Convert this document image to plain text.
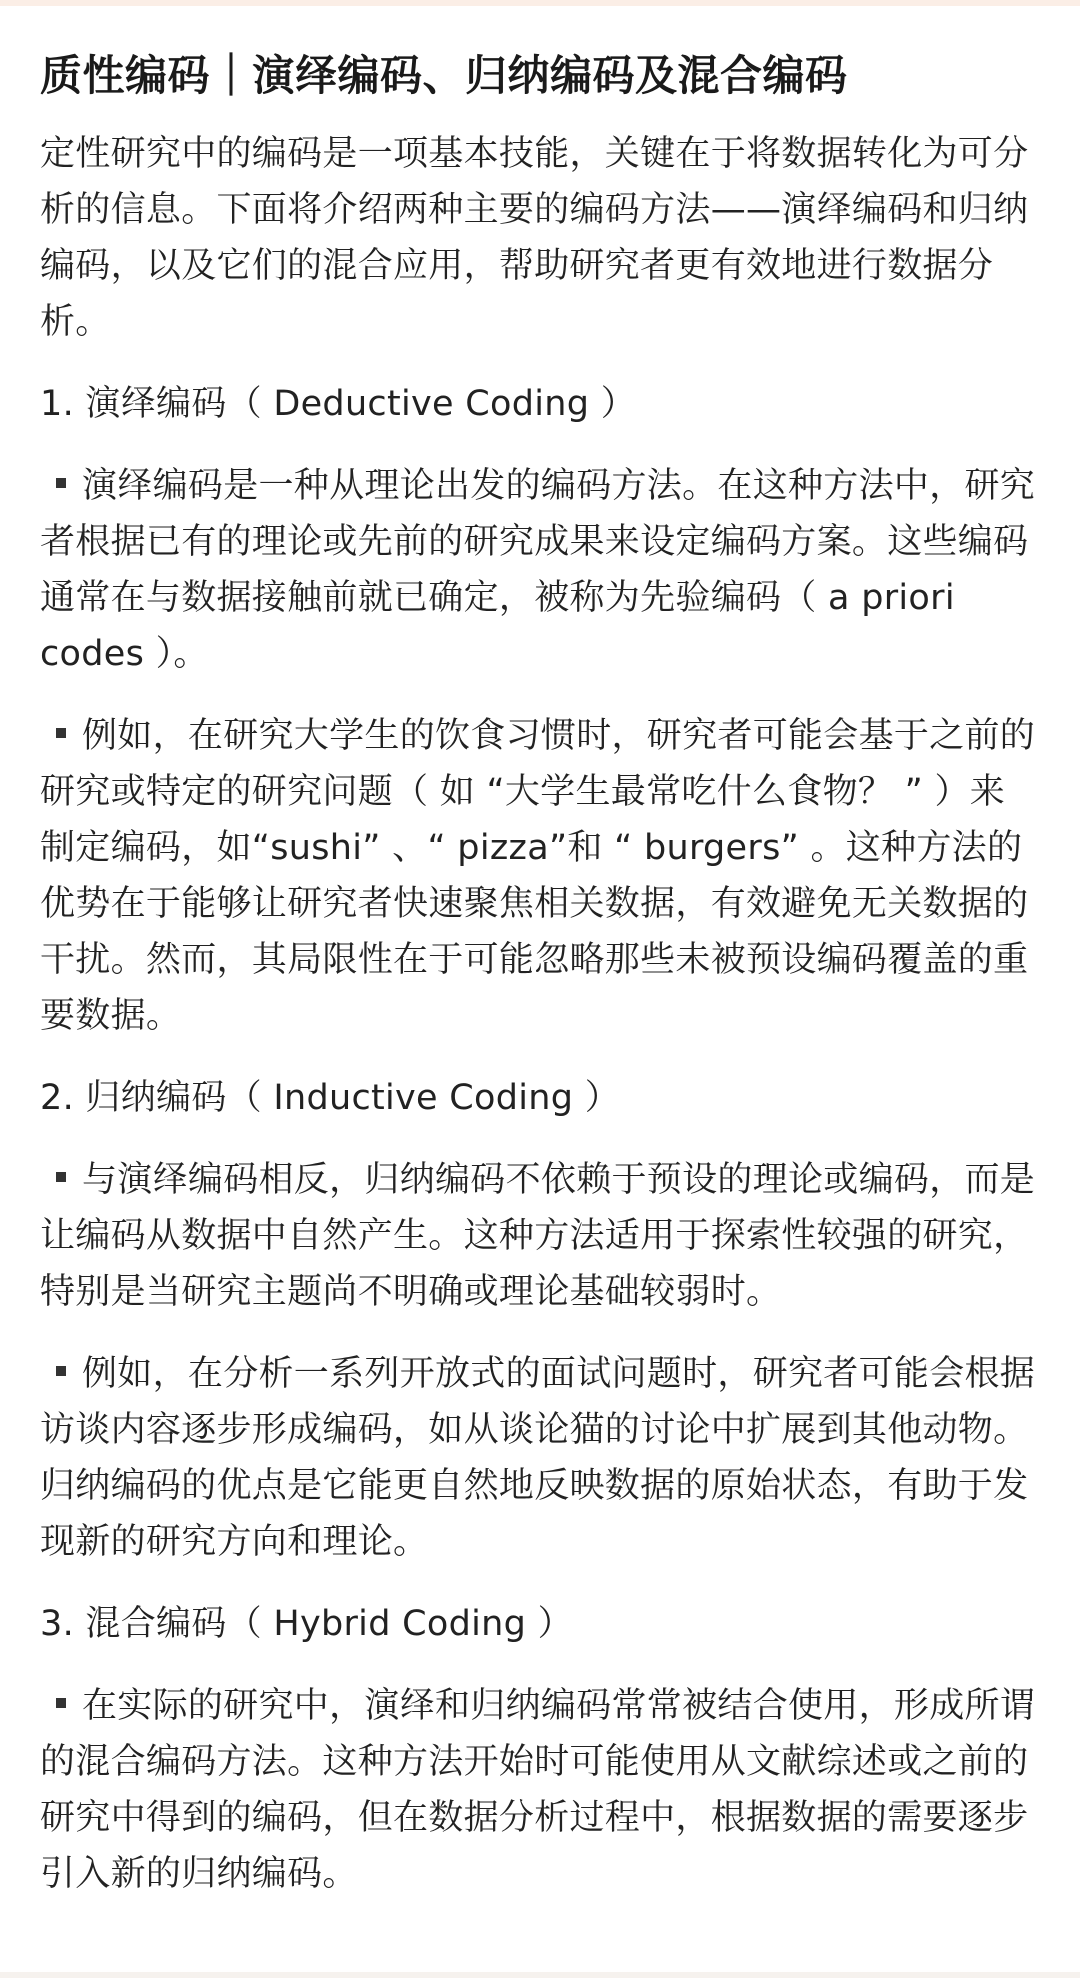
质性编码｜演绎编码、归纳编码及混合编码

定性研究中的编码是一项基本技能，关键在于将数据转化为可分析的信息。下面将介绍两种主要的编码方法——演绎编码和归纳编码，以及它们的混合应用，帮助研究者更有效地进行数据分析。

1. 演绎编码（ Deductive Coding ）

演绎编码是一种从理论出发的编码方法。在这种方法中，研究者根据已有的理论或先前的研究成果来设定编码方案。这些编码通常在与数据接触前就已确定，被称为先验编码（ a priori codes ）。

例如，在研究大学生的饮食习惯时，研究者可能会基于之前的研究或特定的研究问题（ 如 “大学生最常吃什么食物？ ” ）来制定编码，如“sushi” 、“ pizza”和 “ burgers” 。这种方法的优势在于能够让研究者快速聚焦相关数据，有效避免无关数据的干扰。然而，其局限性在于可能忽略那些未被预设编码覆盖的重要数据。

2. 归纳编码（ Inductive Coding ）

与演绎编码相反，归纳编码不依赖于预设的理论或编码，而是让编码从数据中自然产生。这种方法适用于探索性较强的研究，特别是当研究主题尚不明确或理论基础较弱时。

例如，在分析一系列开放式的面试问题时，研究者可能会根据访谈内容逐步形成编码，如从谈论猫的讨论中扩展到其他动物。归纳编码的优点是它能更自然地反映数据的原始状态，有助于发现新的研究方向和理论。

3. 混合编码（ Hybrid Coding ）

在实际的研究中，演绎和归纳编码常常被结合使用，形成所谓的混合编码方法。这种方法开始时可能使用从文献综述或之前的研究中得到的编码，但在数据分析过程中，根据数据的需要逐步引入新的归纳编码。
